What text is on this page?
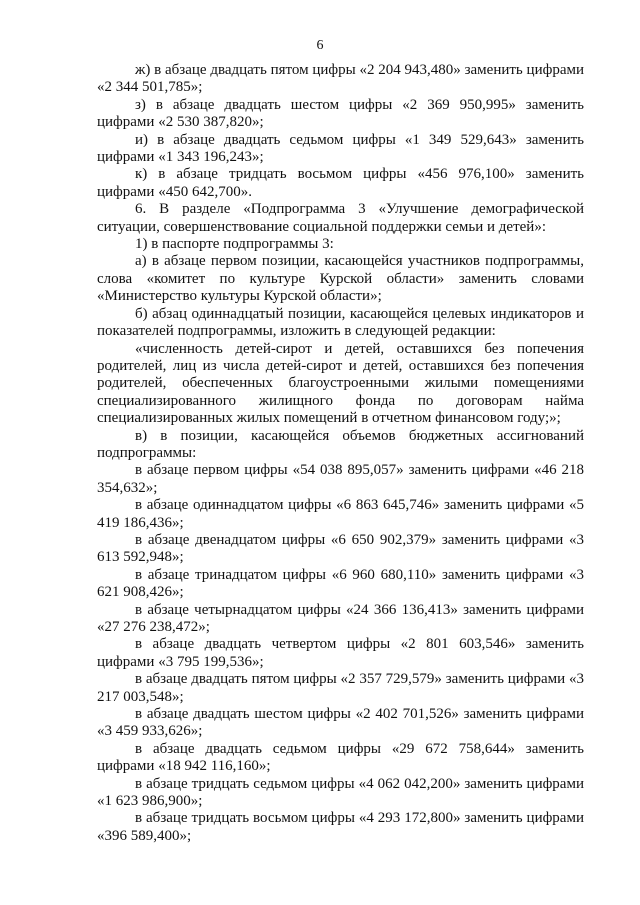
6

ж) в абзаце двадцать пятом цифры «2 204 943,480» заменить цифрами «2 344 501,785»;

з) в абзаце двадцать шестом цифры «2 369 950,995» заменить цифрами «2 530 387,820»;

и) в абзаце двадцать седьмом цифры «1 349 529,643» заменить цифрами «1 343 196,243»;

к) в абзаце тридцать восьмом цифры «456 976,100» заменить цифрами «450 642,700».

6. В разделе «Подпрограмма 3 «Улучшение демографической ситуации, совершенствование социальной поддержки семьи и детей»:

1) в паспорте подпрограммы 3:

а) в абзаце первом позиции, касающейся участников подпрограммы, слова «комитет по культуре Курской области» заменить словами «Министерство культуры Курской области»;

б) абзац одиннадцатый позиции, касающейся целевых индикаторов и показателей подпрограммы, изложить в следующей редакции:

«численность детей-сирот и детей, оставшихся без попечения родителей, лиц из числа детей-сирот и детей, оставшихся без попечения родителей, обеспеченных благоустроенными жилыми помещениями специализированного жилищного фонда по договорам найма специализированных жилых помещений в отчетном финансовом году;»;

в) в позиции, касающейся объемов бюджетных ассигнований подпрограммы:

в абзаце первом цифры «54 038 895,057» заменить цифрами «46 218 354,632»;

в абзаце одиннадцатом цифры «6 863 645,746» заменить цифрами «5 419 186,436»;

в абзаце двенадцатом цифры «6 650 902,379» заменить цифрами «3 613 592,948»;

в абзаце тринадцатом цифры «6 960 680,110» заменить цифрами «3 621 908,426»;

в абзаце четырнадцатом цифры «24 366 136,413» заменить цифрами «27 276 238,472»;

в абзаце двадцать четвертом цифры «2 801 603,546» заменить цифрами «3 795 199,536»;

в абзаце двадцать пятом цифры «2 357 729,579» заменить цифрами «3 217 003,548»;

в абзаце двадцать шестом цифры «2 402 701,526» заменить цифрами «3 459 933,626»;

в абзаце двадцать седьмом цифры «29 672 758,644» заменить цифрами «18 942 116,160»;

в абзаце тридцать седьмом цифры «4 062 042,200» заменить цифрами «1 623 986,900»;

в абзаце тридцать восьмом цифры «4 293 172,800» заменить цифрами «396 589,400»;
